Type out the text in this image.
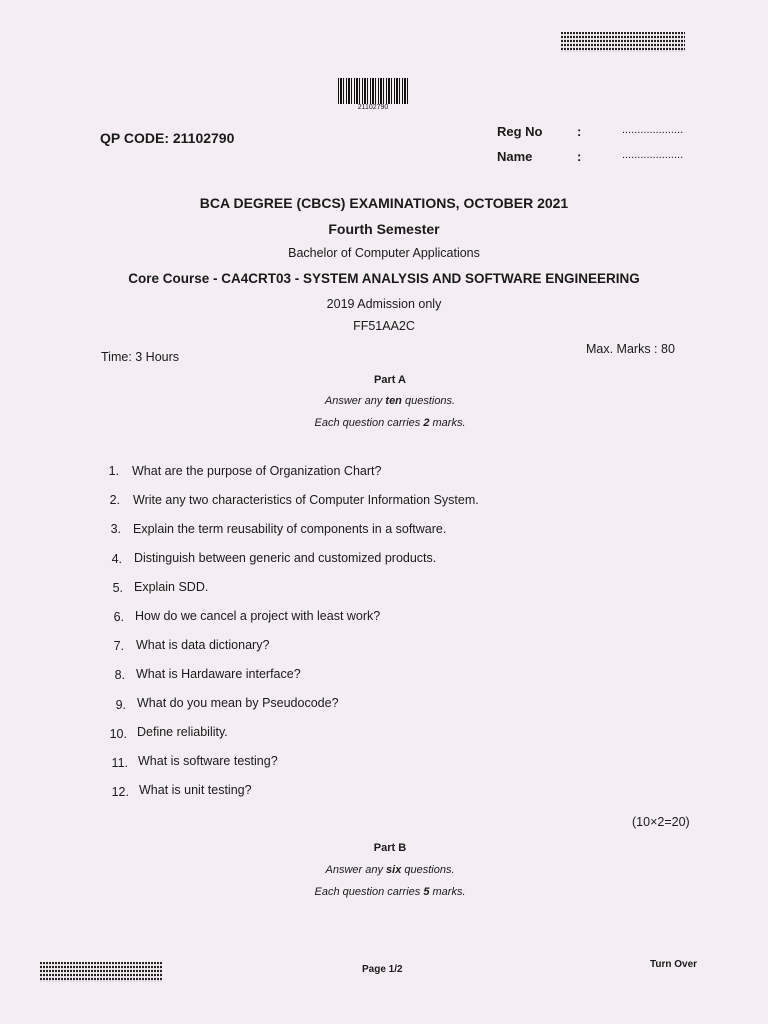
21102790
QP CODE: 21102790	Reg No	:	....................
Name	:	....................
BCA DEGREE (CBCS) EXAMINATIONS, OCTOBER 2021
Fourth Semester
Bachelor of Computer Applications
Core Course - CA4CRT03 - SYSTEM ANALYSIS AND SOFTWARE ENGINEERING
2019 Admission only
FF51AA2C
Time: 3 Hours
Max. Marks : 80
Part A
Answer any ten questions.
Each question carries 2 marks.
1. What are the purpose of Organization Chart?
2. Write any two characteristics of Computer Information System.
3. Explain the term reusability of components in a software.
4. Distinguish between generic and customized products.
5. Explain SDD.
6. How do we cancel a project with least work?
7. What is data dictionary?
8. What is Hardaware interface?
9. What do you mean by Pseudocode?
10. Define reliability.
11. What is software testing?
12. What is unit testing?
(10×2=20)
Part B
Answer any six questions.
Each question carries 5 marks.
Page 1/2	Turn Over
